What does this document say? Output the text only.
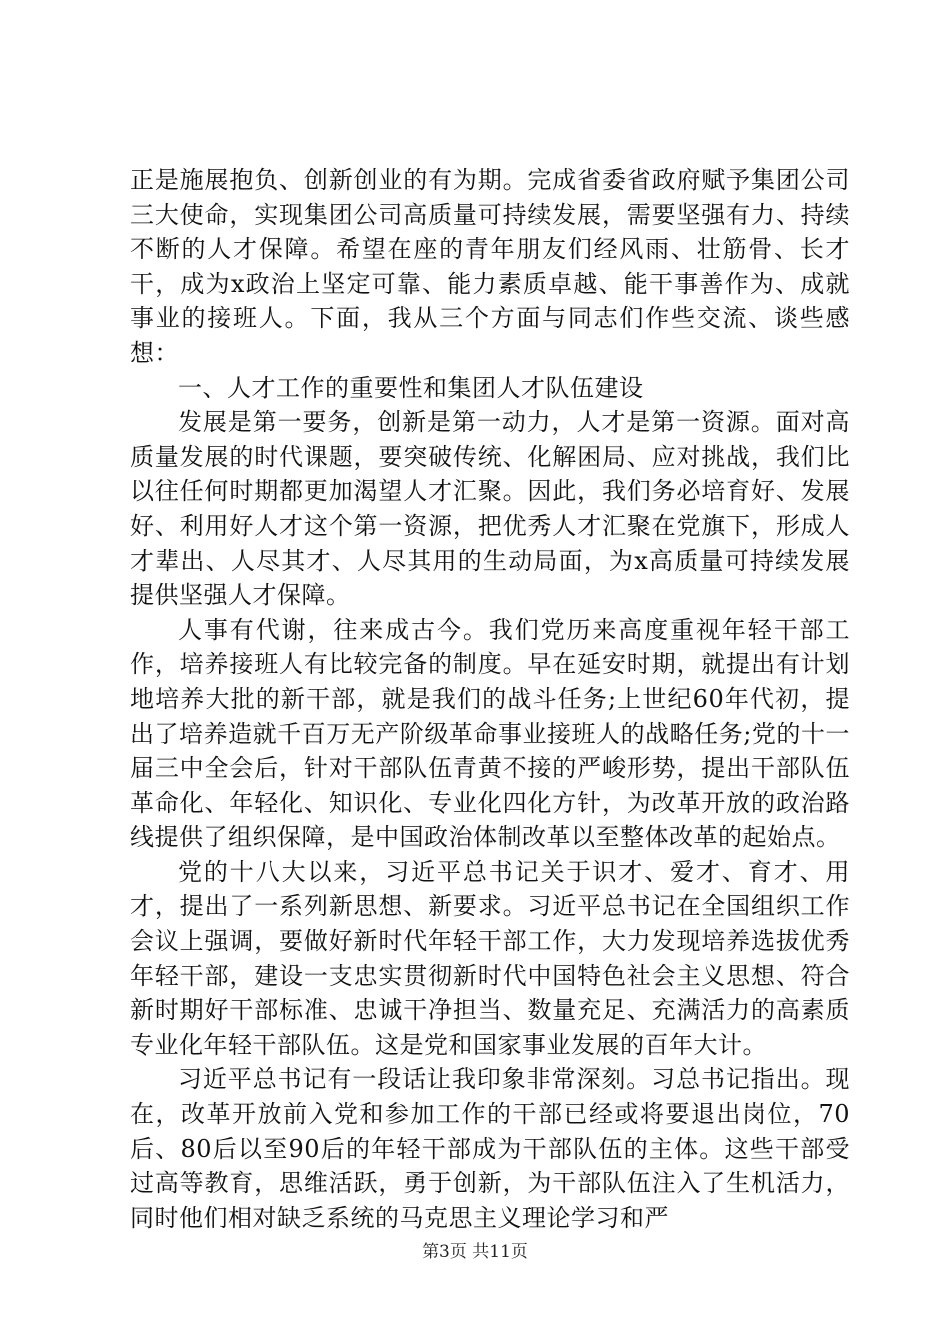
正是施展抱负、创新创业的有为期。完成省委省政府赋予集团公司三大使命，实现集团公司高质量可持续发展，需要坚强有力、持续不断的人才保障。希望在座的青年朋友们经风雨、壮筋骨、长才干，成为x政治上坚定可靠、能力素质卓越、能干事善作为、成就事业的接班人。下面，我从三个方面与同志们作些交流、谈些感想：

一、人才工作的重要性和集团人才队伍建设

发展是第一要务，创新是第一动力，人才是第一资源。面对高质量发展的时代课题，要突破传统、化解困局、应对挑战，我们比以往任何时期都更加渴望人才汇聚。因此，我们务必培育好、发展好、利用好人才这个第一资源，把优秀人才汇聚在党旗下，形成人才辈出、人尽其才、人尽其用的生动局面，为x高质量可持续发展提供坚强人才保障。

人事有代谢，往来成古今。我们党历来高度重视年轻干部工作，培养接班人有比较完备的制度。早在延安时期，就提出有计划地培养大批的新干部，就是我们的战斗任务;上世纪60年代初，提出了培养造就千百万无产阶级革命事业接班人的战略任务;党的十一届三中全会后，针对干部队伍青黄不接的严峻形势，提出干部队伍革命化、年轻化、知识化、专业化四化方针，为改革开放的政治路线提供了组织保障，是中国政治体制改革以至整体改革的起始点。

党的十八大以来，习近平总书记关于识才、爱才、育才、用才，提出了一系列新思想、新要求。习近平总书记在全国组织工作会议上强调，要做好新时代年轻干部工作，大力发现培养选拔优秀年轻干部，建设一支忠实贯彻新时代中国特色社会主义思想、符合新时期好干部标准、忠诚干净担当、数量充足、充满活力的高素质专业化年轻干部队伍。这是党和国家事业发展的百年大计。

习近平总书记有一段话让我印象非常深刻。习总书记指出。现在，改革开放前入党和参加工作的干部已经或将要退出岗位，70后、80后以至90后的年轻干部成为干部队伍的主体。这些干部受过高等教育，思维活跃，勇于创新，为干部队伍注入了生机活力，同时他们相对缺乏系统的马克思主义理论学习和严

第3页 共11页
